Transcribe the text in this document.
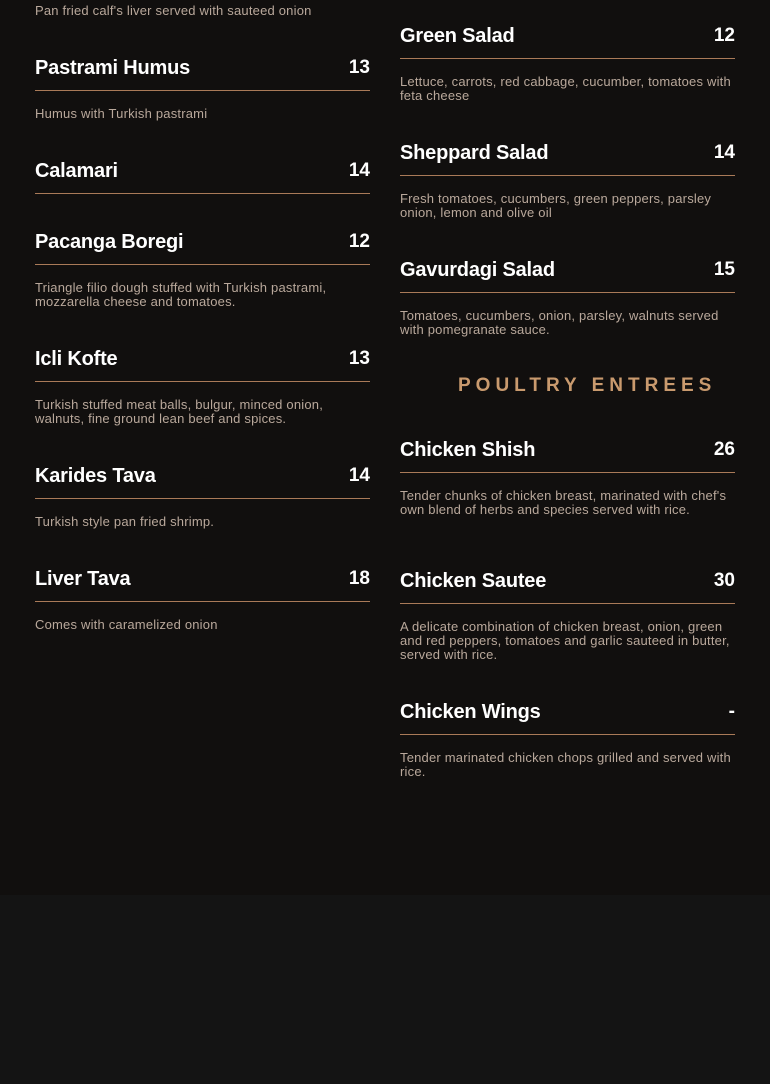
Pan fried calf's liver served with sauteed onion

Pastrami Humus	13

Humus with Turkish pastrami

Calamari	14
Pacanga Boregi	12

Triangle filio dough stuffed with Turkish pastrami, mozzarella cheese and tomatoes.

Icli Kofte	13

Turkish stuffed meat balls, bulgur, minced onion, walnuts, fine ground lean beef and spices.

Karides Tava	14

Turkish style pan fried shrimp.

Liver Tava	18

Comes with caramelized onion

Green Salad	12

Lettuce, carrots, red cabbage, cucumber, tomatoes with feta cheese

Sheppard Salad	14

Fresh tomatoes, cucumbers, green peppers, parsley onion, lemon and olive oil

Gavurdagi Salad	15

Tomatoes, cucumbers, onion, parsley, walnuts served with pomegranate sauce.

POULTRY ENTREES
Chicken Shish	26

Tender chunks of chicken breast, marinated with chef's own blend of herbs and species served with rice.

Chicken Sautee	30

A delicate combination of chicken breast, onion, green and red peppers, tomatoes and garlic sauteed in butter, served with rice.

Chicken Wings	-

Tender marinated chicken chops grilled and served with rice.
